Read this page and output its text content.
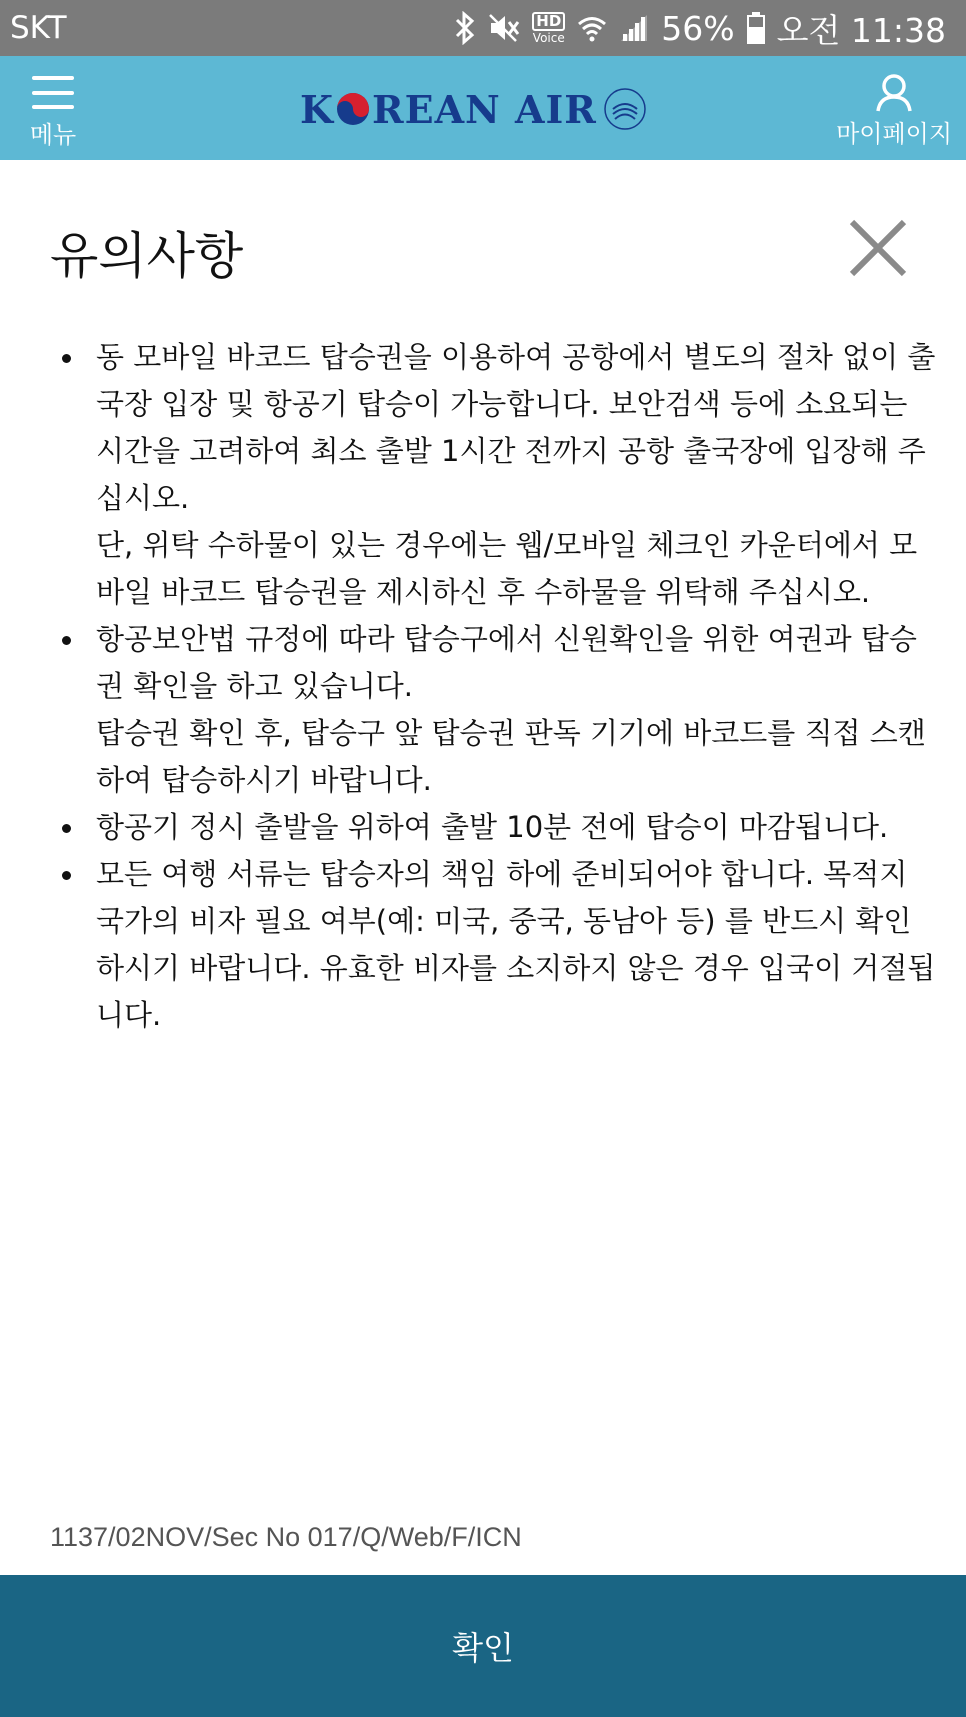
SKT	HD
Voice	56% 오전 11:38
메뉴
K REAN AIR
마이페이지
유의사항

동 모바일 바코드 탑승권을 이용하여 공항에서 별도의 절차 없이 출국장 입장 및 항공기 탑승이 가능합니다. 보안검색 등에 소요되는 시간을 고려하여 최소 출발 1시간 전까지 공항 출국장에 입장해 주십시오.

단, 위탁 수하물이 있는 경우에는 웹/모바일 체크인 카운터에서 모바일 바코드 탑승권을 제시하신 후 수하물을 위탁해 주십시오.

항공보안법 규정에 따라 탑승구에서 신원확인을 위한 여권과 탑승권 확인을 하고 있습니다.

탑승권 확인 후, 탑승구 앞 탑승권 판독 기기에 바코드를 직접 스캔하여 탑승하시기 바랍니다.

항공기 정시 출발을 위하여 출발 10분 전에 탑승이 마감됩니다.

모든 여행 서류는 탑승자의 책임 하에 준비되어야 합니다. 목적지 국가의 비자 필요 여부(예: 미국, 중국, 동남아 등) 를 반드시 확인하시기 바랍니다. 유효한 비자를 소지하지 않은 경우 입국이 거절됩니다.

1137/02NOV/Sec No 017/Q/Web/F/ICN
확인
